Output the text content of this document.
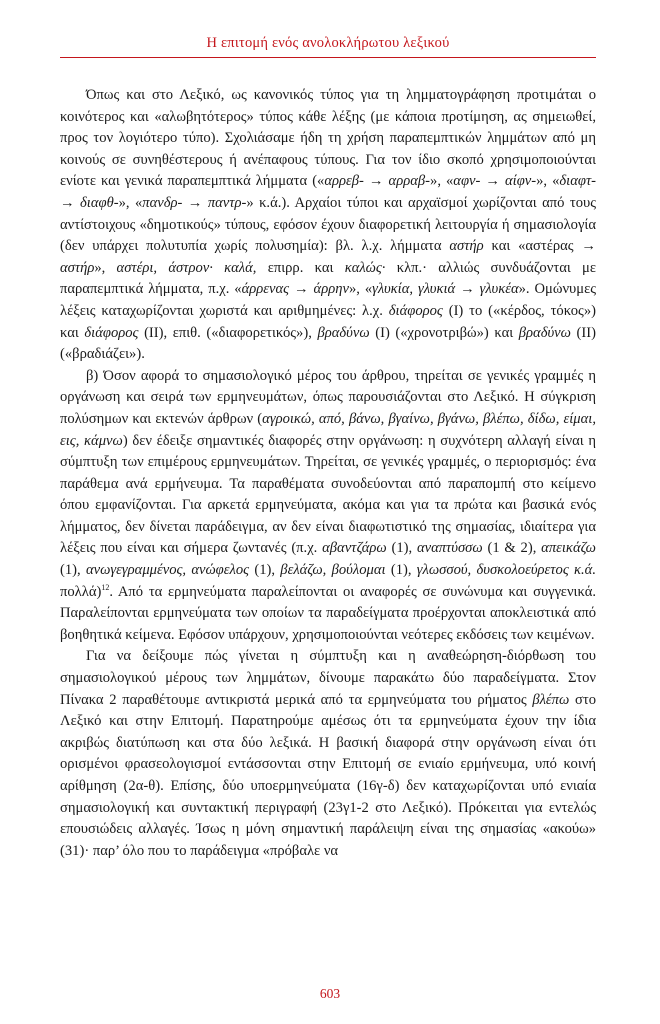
Η επιτομή ενός ανολοκλήρωτου λεξικού

Όπως και στο Λεξικό, ως κανονικός τύπος για τη λημματογράφηση προτιμάται ο κοινότερος και «αλωβητότερος» τύπος κάθε λέξης (με κάποια προτίμηση, ας σημειωθεί, προς τον λογιότερο τύπο). Σχολιάσαμε ήδη τη χρήση παραπεμπτικών λημμάτων από μη κοινούς σε συνηθέστερους ή ανέπαφους τύπους. Για τον ίδιο σκοπό χρησιμοποιούνται ενίοτε και γενικά παραπεμπτικά λήμματα («αρρεβ- → αρραβ-», «αφν- → αίφν-», «διαφτ- → διαφθ-», «πανδρ- → παντρ-» κ.ά.). Αρχαίοι τύποι και αρχαϊσμοί χωρίζονται από τους αντίστοιχους «δημοτικούς» τύπους, εφόσον έχουν διαφορετική λειτουργία ή σημασιολογία (δεν υπάρχει πολυτυπία χωρίς πολυσημία): βλ. λ.χ. λήμματα αστήρ και «αστέρας → αστήρ», αστέρι, άστρον· καλά, επιρρ. και καλώς· κλπ.· αλλιώς συνδυάζονται με παραπεμπτικά λήμματα, π.χ. «άρρενας → άρρην», «γλυκία, γλυκιά → γλυκέα». Ομώνυμες λέξεις καταχωρίζονται χωριστά και αριθμημένες: λ.χ. διάφορος (Ι) το («κέρδος, τόκος») και διάφορος (ΙΙ), επιθ. («διαφορετικός»), βραδύνω (Ι) («χρονοτριβώ») και βραδύνω (ΙΙ) («βραδιάζει»).

β) Όσον αφορά το σημασιολογικό μέρος του άρθρου, τηρείται σε γενικές γραμμές η οργάνωση και σειρά των ερμηνευμάτων, όπως παρουσιάζονται στο Λεξικό. Η σύγκριση πολύσημων και εκτενών άρθρων (αγροικώ, από, βάνω, βγαίνω, βγάνω, βλέπω, δίδω, είμαι, εις, κάμνω) δεν έδειξε σημαντικές διαφορές στην οργάνωση: η συχνότερη αλλαγή είναι η σύμπτυξη των επιμέρους ερμηνευμάτων. Τηρείται, σε γενικές γραμμές, ο περιορισμός: ένα παράθεμα ανά ερμήνευμα. Τα παραθέματα συνοδεύονται από παραπομπή στο κείμενο όπου εμφανίζονται. Για αρκετά ερμηνεύματα, ακόμα και για τα πρώτα και βασικά ενός λήμματος, δεν δίνεται παράδειγμα, αν δεν είναι διαφωτιστικό της σημασίας, ιδιαίτερα για λέξεις που είναι και σήμερα ζωντανές (π.χ. αβαντζάρω (1), αναπτύσσω (1 & 2), απεικάζω (1), ανωγεγραμμένος, ανώφελος (1), βελάζω, βούλομαι (1), γλωσσού, δυσκολοεύρετος κ.ά. πολλά)$^{12}$. Από τα ερμηνεύματα παραλείπονται οι αναφορές σε συνώνυμα και συγγενικά. Παραλείπονται ερμηνεύματα των οποίων τα παραδείγματα προέρχονται αποκλειστικά από βοηθητικά κείμενα. Εφόσον υπάρχουν, χρησιμοποιούνται νεότερες εκδόσεις των κειμένων.

Για να δείξουμε πώς γίνεται η σύμπτυξη και η αναθεώρηση-διόρθωση του σημασιολογικού μέρους των λημμάτων, δίνουμε παρακάτω δύο παραδείγματα. Στον Πίνακα 2 παραθέτουμε αντικριστά μερικά από τα ερμηνεύματα του ρήματος βλέπω στο Λεξικό και στην Επιτομή. Παρατηρούμε αμέσως ότι τα ερμηνεύματα έχουν την ίδια ακριβώς διατύπωση και στα δύο λεξικά. Η βασική διαφορά στην οργάνωση είναι ότι ορισμένοι φρασεολογισμοί εντάσσονται στην Επιτομή σε ενιαίο ερμήνευμα, υπό κοινή αρίθμηση (2α-θ). Επίσης, δύο υποερμηνεύματα (16γ-δ) δεν καταχωρίζονται υπό ενιαία σημασιολογική και συντακτική περιγραφή (23γ1-2 στο Λεξικό). Πρόκειται για εντελώς επουσιώδεις αλλαγές. Ίσως η μόνη σημαντική παράλειψη είναι της σημασίας «ακούω» (31)· παρ’ όλο που το παράδειγμα «πρόβαλε να

603
